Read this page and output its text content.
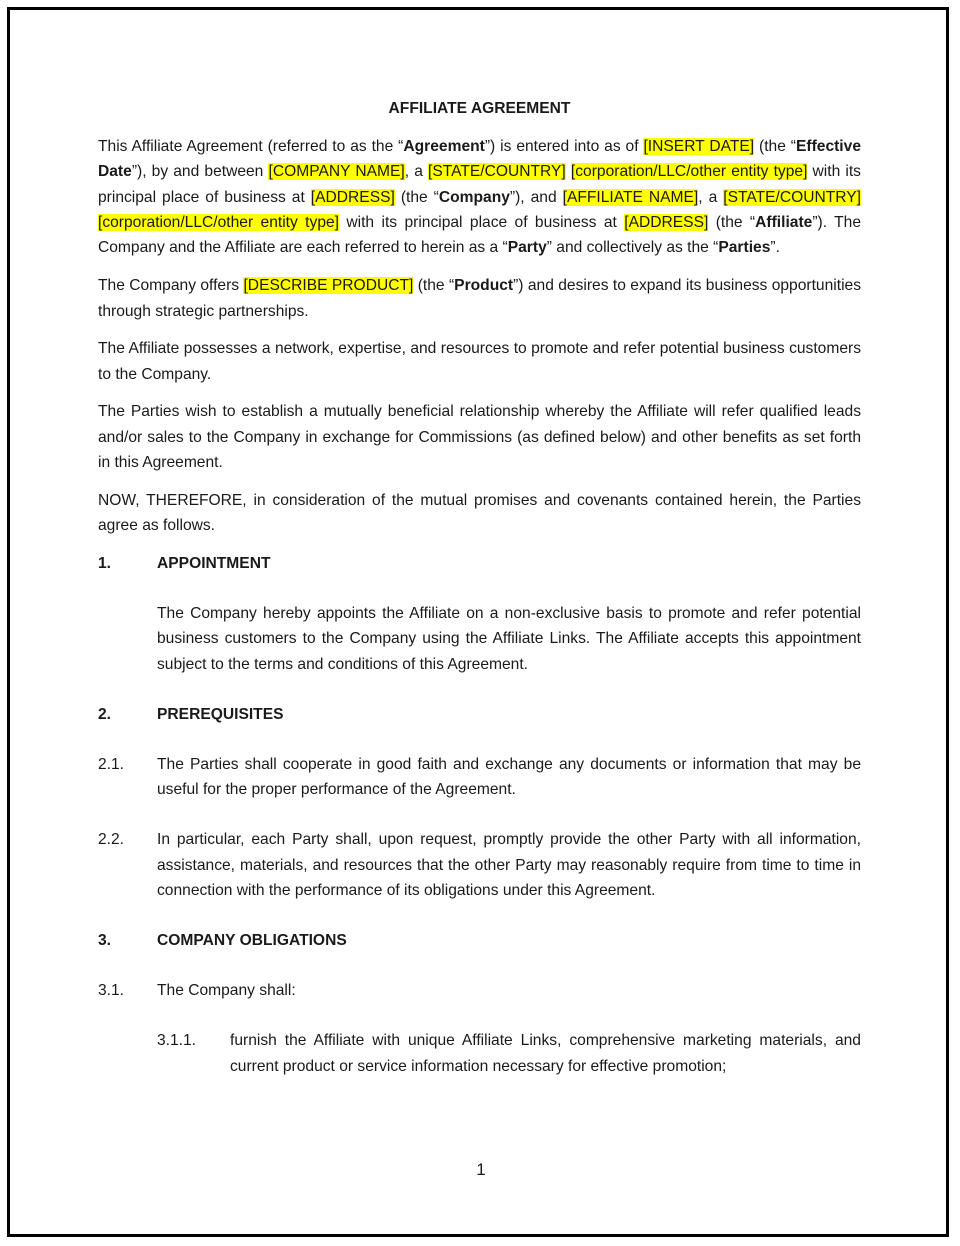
AFFILIATE AGREEMENT

This Affiliate Agreement (referred to as the “Agreement”) is entered into as of [INSERT DATE] (the “Effective Date”), by and between [COMPANY NAME], a [STATE/COUNTRY] [corporation/LLC/other entity type] with its principal place of business at [ADDRESS] (the “Company”), and [AFFILIATE NAME], a [STATE/COUNTRY] [corporation/LLC/other entity type] with its principal place of business at [ADDRESS] (the “Affiliate”). The Company and the Affiliate are each referred to herein as a “Party” and collectively as the “Parties”.

The Company offers [DESCRIBE PRODUCT] (the “Product”) and desires to expand its business opportunities through strategic partnerships.

The Affiliate possesses a network, expertise, and resources to promote and refer potential business customers to the Company.

The Parties wish to establish a mutually beneficial relationship whereby the Affiliate will refer qualified leads and/or sales to the Company in exchange for Commissions (as defined below) and other benefits as set forth in this Agreement.

NOW, THEREFORE, in consideration of the mutual promises and covenants contained herein, the Parties agree as follows.

1.	APPOINTMENT

The Company hereby appoints the Affiliate on a non-exclusive basis to promote and refer potential business customers to the Company using the Affiliate Links. The Affiliate accepts this appointment subject to the terms and conditions of this Agreement.

2.	PREREQUISITES
2.1.	The Parties shall cooperate in good faith and exchange any documents or information that may be useful for the proper performance of the Agreement.
2.2.	In particular, each Party shall, upon request, promptly provide the other Party with all information, assistance, materials, and resources that the other Party may reasonably require from time to time in connection with the performance of its obligations under this Agreement.
3.	COMPANY OBLIGATIONS
3.1.	The Company shall:
3.1.1.	furnish the Affiliate with unique Affiliate Links, comprehensive marketing materials, and current product or service information necessary for effective promotion;
1
